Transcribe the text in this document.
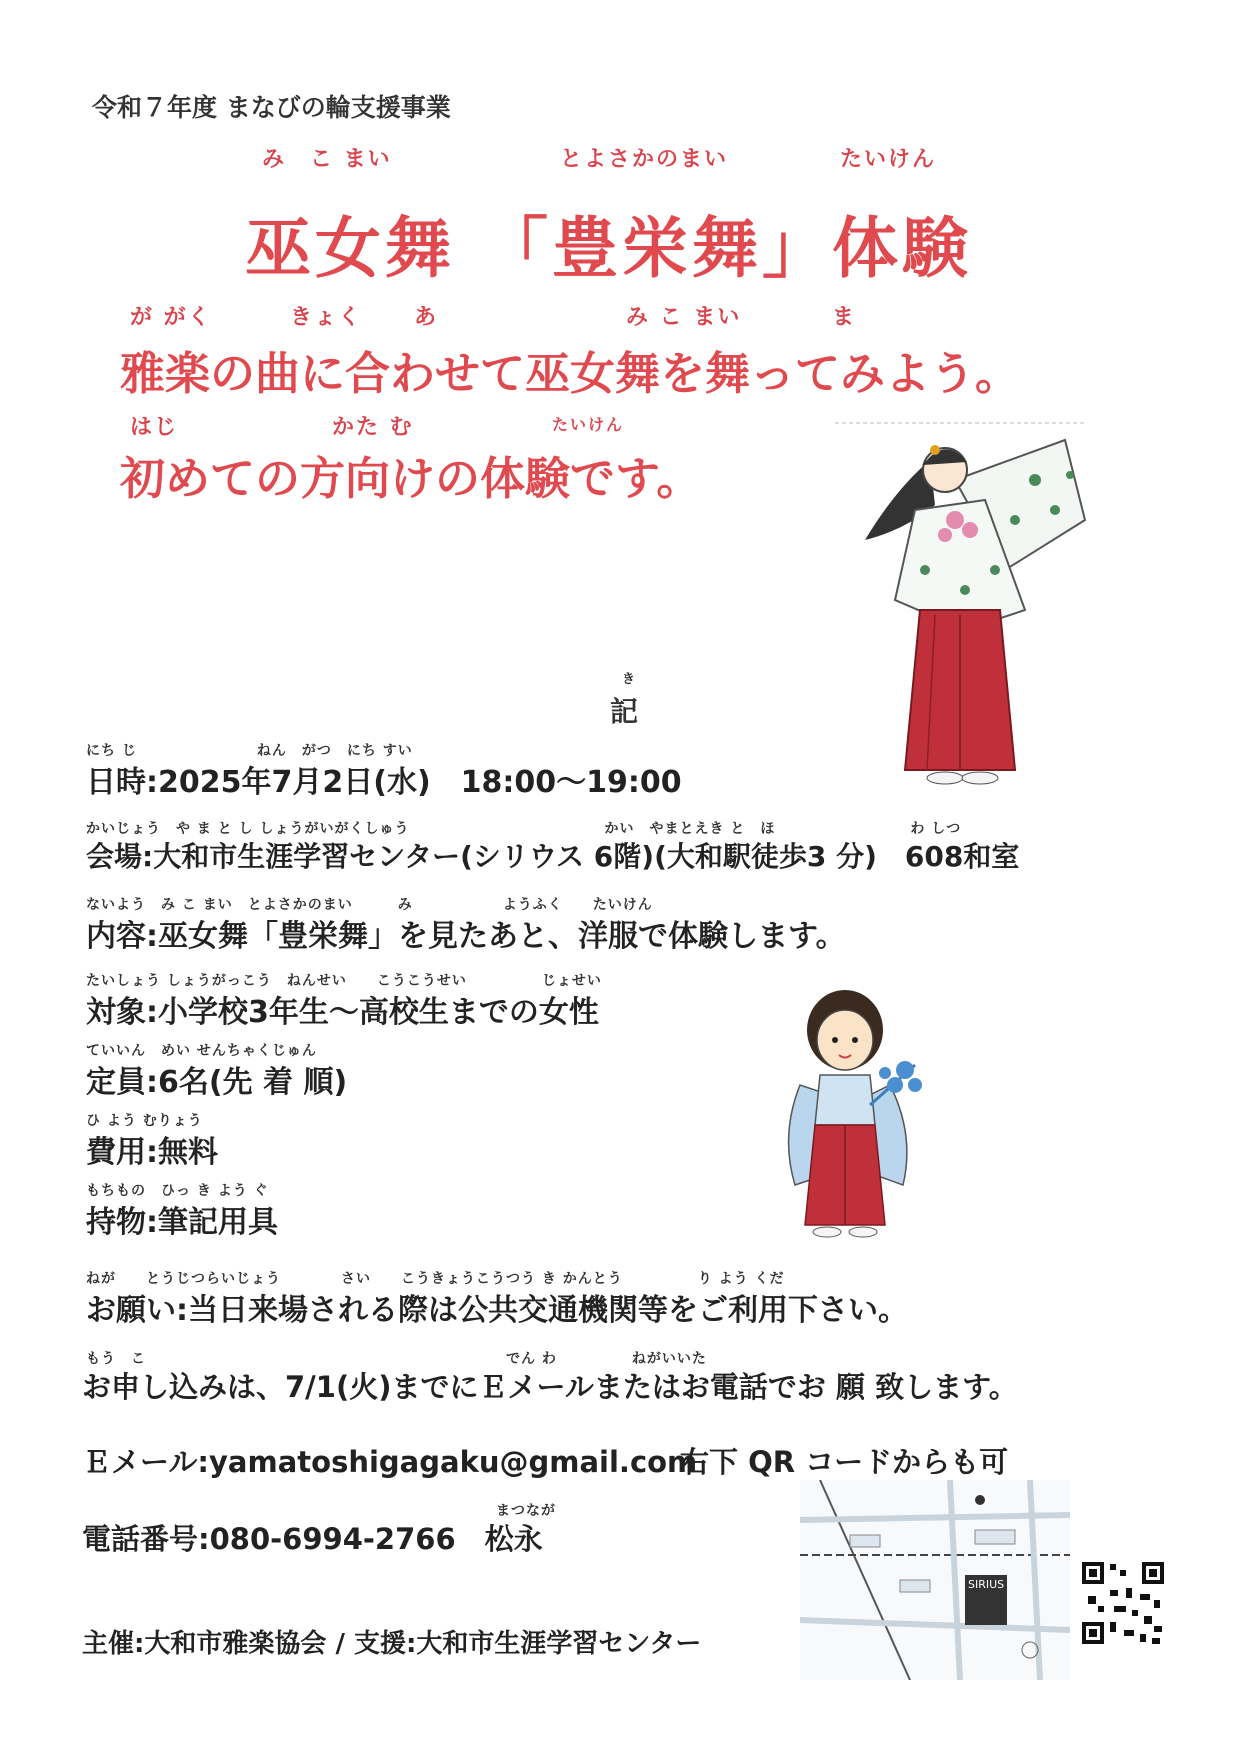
令和７年度 まなびの輪支援事業
み　こ まい	とよさかのまい	たいけん
巫女舞 「豊栄舞」体験
が がく	きょく あ	み こ まい	ま
雅楽の曲に合わせて巫女舞を舞ってみよう。
はじ	かた む	たいけん
初めての方向けの体験です。
き
記
にち じ　　　　　　　　ねん　がつ　にち すい
日時:2025年7月2日(水)　18:00～19:00
かいじょう　や ま と し しょうがいがくしゅう　　　　　　　　　　　　　かい　やまとえき と　ほ　　　　　　　　　わ しつ
会場:大和市生涯学習センター(シリウス 6階)(大和駅徒歩3 分)　608和室
ないよう　み こ まい　とよさかのまい　　　み　　　　　　ようふく　　たいけん
内容:巫女舞「豊栄舞」を見たあと、洋服で体験します。
たいしょう しょうがっこう　ねんせい　　こうこうせい　　　　　じょせい
対象:小学校3年生～高校生までの女性
ていいん　めい せんちゃくじゅん
定員:6名(先 着 順)
ひ よう むりょう
費用:無料
もちもの　ひっ き よう ぐ
持物:筆記用具
ねが　　とうじつらいじょう　　　　さい　　こうきょうこうつう き かんとう　　　　　り よう くだ
お願い:当日来場される際は公共交通機関等をご利用下さい。
もう　こ　　　　　　　　　　　　　　　　　　　　　　　　でん わ　　　　　ねがいいた
お申し込みは、7/1(火)までにＥメールまたはお電話でお 願 致します。
Ｅメール:yamatoshigagaku@gmail.com
右下 QR コードからも可
まつなが
電話番号:080-6994-2766　松永
SIRIUS
主催:大和市雅楽協会 / 支援:大和市生涯学習センター
